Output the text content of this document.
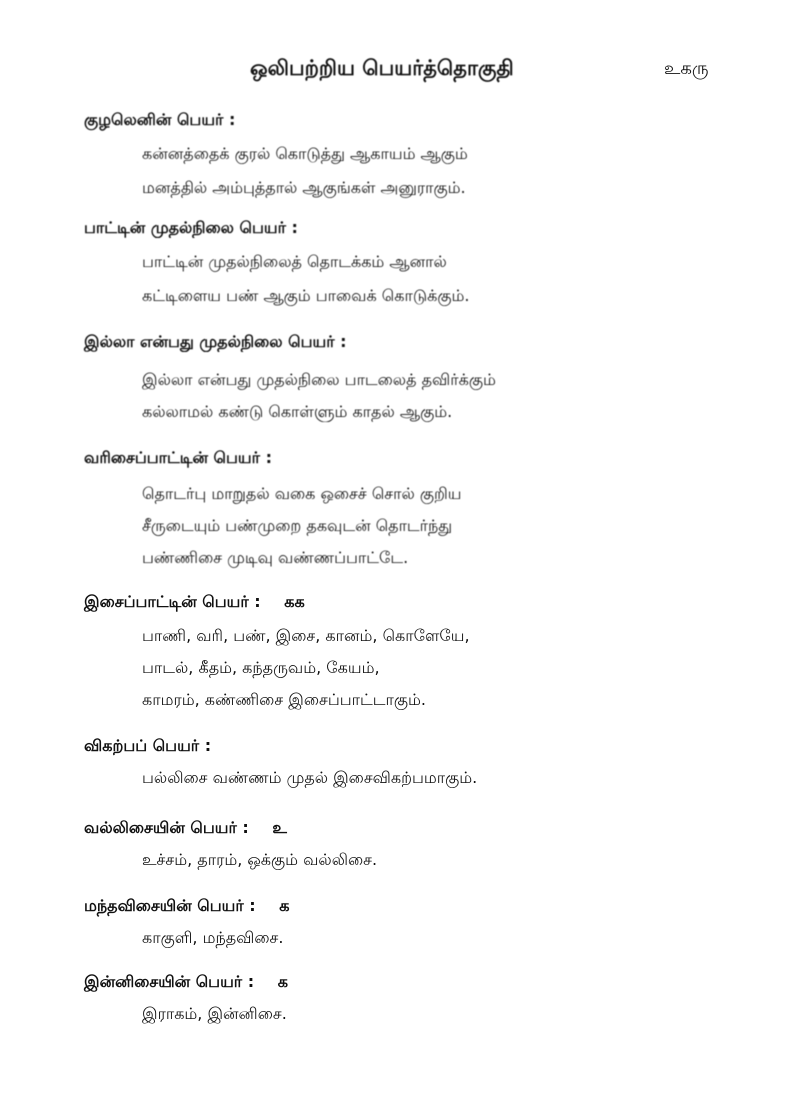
ஒலிபற்றிய பெயர்த்தொகுதி	உகரு
குழலெனின் பெயர் :
கன்னத்தைக் குரல் கொடுத்து ஆகாயம் ஆகும்
மனத்தில் அம்புத்தால் ஆகுங்கள் அனுராகும்.
பாட்டின் முதல்நிலை பெயர் :
பாட்டின் முதல்நிலைத் தொடக்கம் ஆனால்
கட்டிளைய பண் ஆகும் பாவைக் கொடுக்கும்.
இல்லா என்பது முதல்நிலை பெயர் :
இல்லா என்பது முதல்நிலை பாடலைத் தவிர்க்கும்
கல்லாமல் கண்டு கொள்ளும் காதல் ஆகும்.
வரிசைப்பாட்டின் பெயர் :
தொடர்பு மாறுதல் வகை ஒசைச் சொல் குறிய
சீருடையும் பண்முறை தகவுடன் தொடர்ந்து
பண்ணிசை முடிவு வண்ணப்பாட்டே.
இசைப்பாட்டின் பெயர் : கக
பாணி, வரி, பண், இசை, கானம், கொளேயே,
பாடல், கீதம், கந்தருவம், கேயம்,
காமரம், கண்ணிசை இசைப்பாட்டாகும்.
விகற்பப் பெயர் :
பல்லிசை வண்ணம் முதல் இசைவிகற்பமாகும்.
வல்லிசையின் பெயர் : உ
உச்சம், தாரம், ஒக்கும் வல்லிசை.
மந்தவிசையின் பெயர் : க
காகுளி, மந்தவிசை.
இன்னிசையின் பெயர் : க
இராகம், இன்னிசை.
